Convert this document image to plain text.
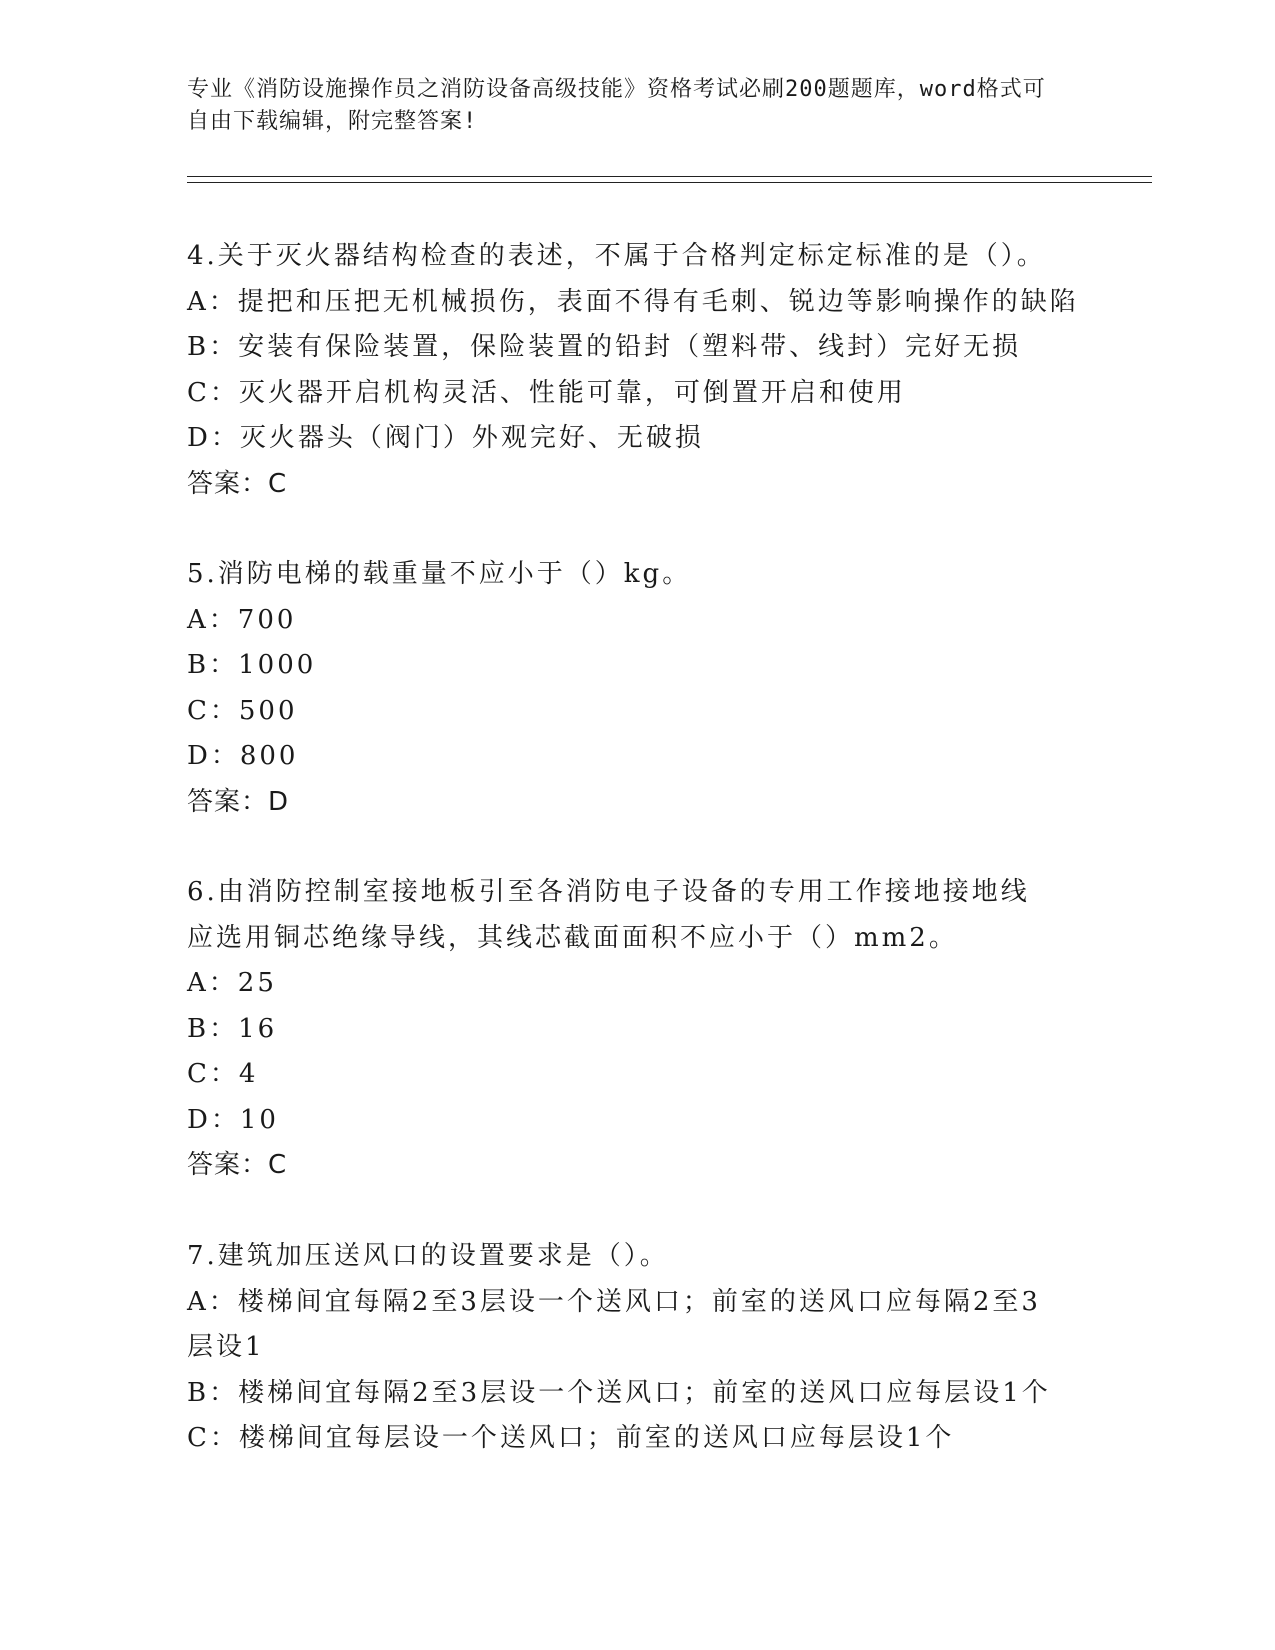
专业《消防设施操作员之消防设备高级技能》资格考试必刷200题题库，word格式可自由下载编辑，附完整答案!
4.关于灭火器结构检查的表述，不属于合格判定标定标准的是（）。
A：提把和压把无机械损伤，表面不得有毛刺、锐边等影响操作的缺陷
B：安装有保险装置，保险装置的铅封（塑料带、线封）完好无损
C：灭火器开启机构灵活、性能可靠，可倒置开启和使用
D：灭火器头（阀门）外观完好、无破损
答案：C
5.消防电梯的载重量不应小于（）kg。
A：700
B：1000
C：500
D：800
答案：D
6.由消防控制室接地板引至各消防电子设备的专用工作接地接地线应选用铜芯绝缘导线，其线芯截面面积不应小于（）mm2。
A：25
B：16
C：4
D：10
答案：C
7.建筑加压送风口的设置要求是（）。
A：楼梯间宜每隔2至3层设一个送风口；前室的送风口应每隔2至3层设1
B：楼梯间宜每隔2至3层设一个送风口；前室的送风口应每层设1个
C：楼梯间宜每层设一个送风口；前室的送风口应每层设1个
